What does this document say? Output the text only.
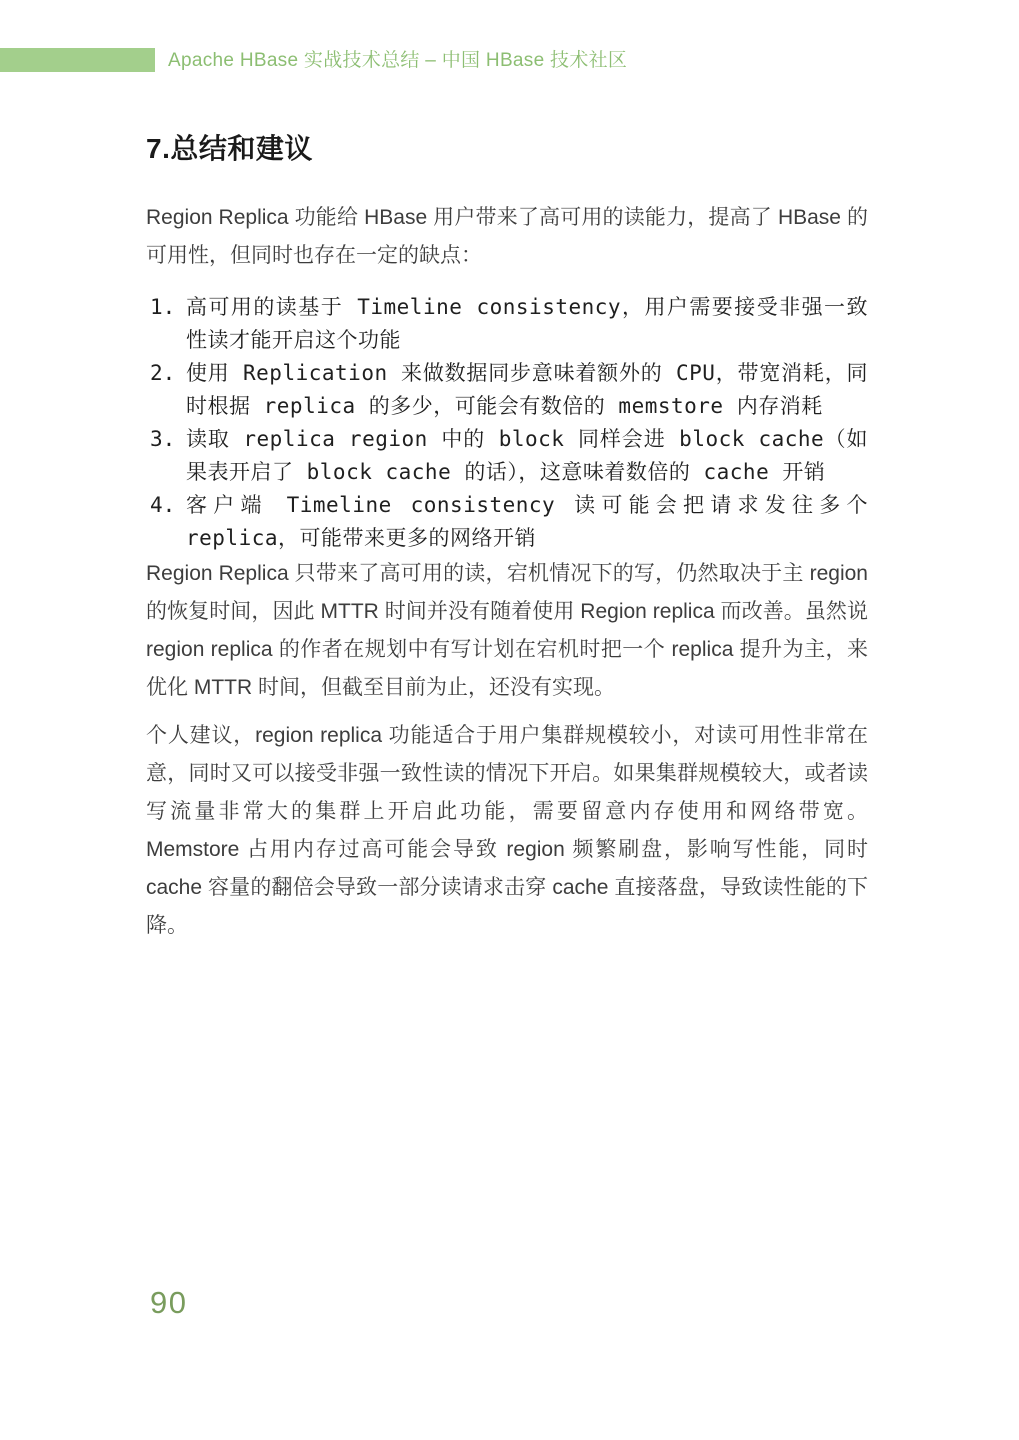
Apache HBase 实战技术总结 – 中国 HBase 技术社区
7.总结和建议

Region Replica 功能给 HBase 用户带来了高可用的读能力，提高了 HBase 的可用性，但同时也存在一定的缺点：

1. 高可用的读基于 Timeline consistency，用户需要接受非强一致性读才能开启这个功能
2. 使用 Replication 来做数据同步意味着额外的 CPU，带宽消耗，同时根据 replica 的多少，可能会有数倍的 memstore 内存消耗
3. 读取 replica region 中的 block 同样会进 block cache（如果表开启了 block cache 的话），这意味着数倍的 cache 开销
4. 客户端 Timeline consistency 读可能会把请求发往多个 replica，可能带来更多的网络开销

Region Replica 只带来了高可用的读，宕机情况下的写，仍然取决于主 region 的恢复时间，因此 MTTR 时间并没有随着使用 Region replica 而改善。虽然说 region replica 的作者在规划中有写计划在宕机时把一个 replica 提升为主，来优化 MTTR 时间，但截至目前为止，还没有实现。

个人建议，region replica 功能适合于用户集群规模较小，对读可用性非常在意，同时又可以接受非强一致性读的情况下开启。如果集群规模较大，或者读写流量非常大的集群上开启此功能，需要留意内存使用和网络带宽。Memstore 占用内存过高可能会导致 region 频繁刷盘，影响写性能，同时 cache 容量的翻倍会导致一部分读请求击穿 cache 直接落盘，导致读性能的下降。

90
